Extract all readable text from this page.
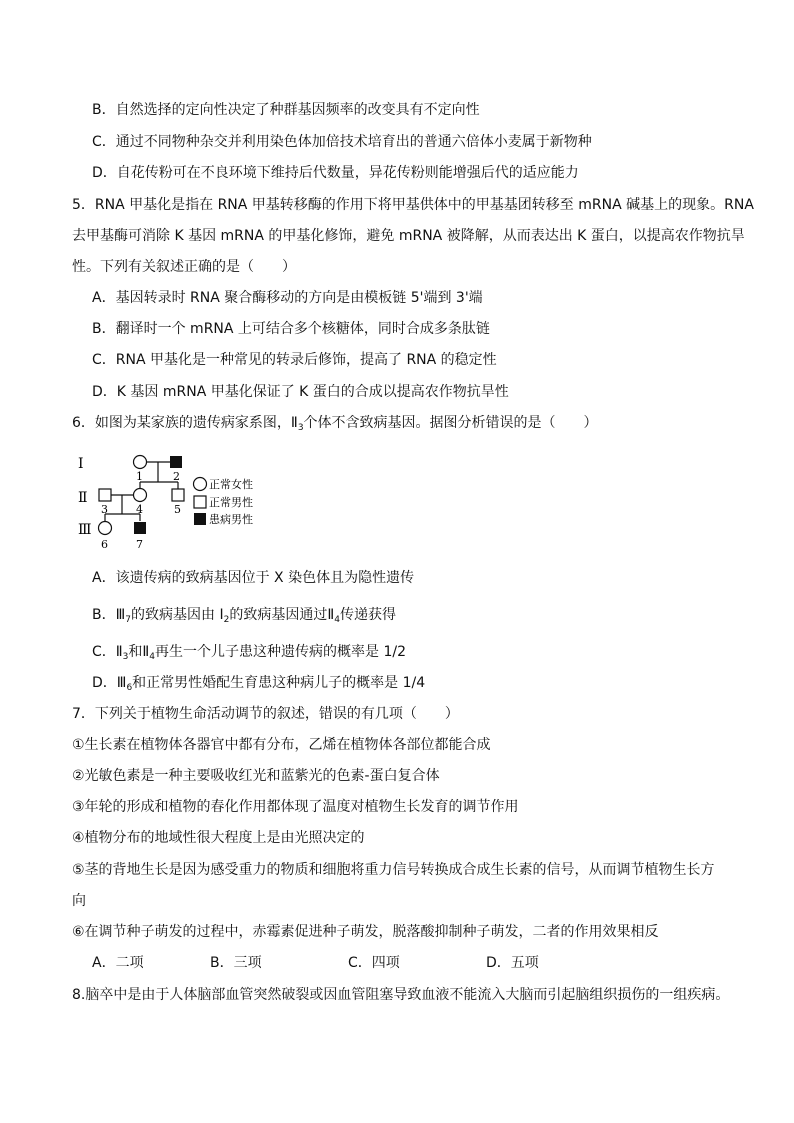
B．自然选择的定向性决定了种群基因频率的改变具有不定向性
C．通过不同物种杂交并利用染色体加倍技术培育出的普通六倍体小麦属于新物种
D．自花传粉可在不良环境下维持后代数量，异花传粉则能增强后代的适应能力
5．RNA 甲基化是指在 RNA 甲基转移酶的作用下将甲基供体中的甲基基团转移至 mRNA 碱基上的现象。RNA
去甲基酶可消除 K 基因 mRNA 的甲基化修饰，避免 mRNA 被降解，从而表达出 K 蛋白，以提高农作物抗旱
性。下列有关叙述正确的是（　　）
A．基因转录时 RNA 聚合酶移动的方向是由模板链 5'端到 3'端
B．翻译时一个 mRNA 上可结合多个核糖体，同时合成多条肽链
C．RNA 甲基化是一种常见的转录后修饰，提高了 RNA 的稳定性
D．K 基因 mRNA 甲基化保证了 K 蛋白的合成以提高农作物抗旱性
6．如图为某家族的遗传病家系图，$Ⅱ_3$个体不含致病基因。据图分析错误的是（　　）
Ⅰ
Ⅱ
Ⅲ
1	2
3	4	5
6	7
正常女性
正常男性
患病男性
A．该遗传病的致病基因位于 X 染色体且为隐性遗传
B．$Ⅲ_7$的致病基因由 $I_2$的致病基因通过$Ⅱ_4$传递获得
C．$Ⅱ_3$和$Ⅱ_4$再生一个儿子患这种遗传病的概率是 1/2
D．$Ⅲ_6$和正常男性婚配生育患这种病儿子的概率是 1/4
7．下列关于植物生命活动调节的叙述，错误的有几项（　　）
①生长素在植物体各器官中都有分布，乙烯在植物体各部位都能合成
②光敏色素是一种主要吸收红光和蓝紫光的色素-蛋白复合体
③年轮的形成和植物的春化作用都体现了温度对植物生长发育的调节作用
④植物分布的地域性很大程度上是由光照决定的
⑤茎的背地生长是因为感受重力的物质和细胞将重力信号转换成合成生长素的信号，从而调节植物生长方
向
⑥在调节种子萌发的过程中，赤霉素促进种子萌发，脱落酸抑制种子萌发，二者的作用效果相反
A．二项	B．三项	C．四项	D．五项
8.脑卒中是由于人体脑部血管突然破裂或因血管阻塞导致血液不能流入大脑而引起脑组织损伤的一组疾病。
